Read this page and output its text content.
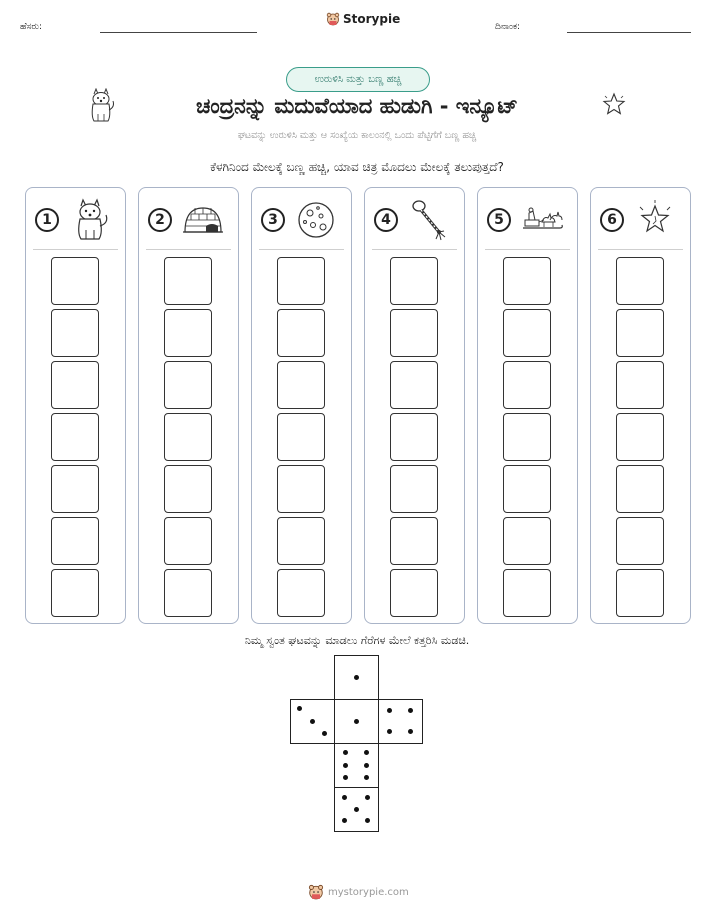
ಹೆಸರು:
Storypie
ದಿನಾಂಕ:
ಉರುಳಿಸಿ ಮತ್ತು ಬಣ್ಣ ಹಚ್ಚಿ
ಚಂದ್ರನನ್ನು ಮದುವೆಯಾದ ಹುಡುಗಿ - ಇನ್ಯೂಟ್
ಘಟವನ್ನು ಉರುಳಿಸಿ ಮತ್ತು ಆ ಸಂಖ್ಯೆಯ ಕಾಲಂನಲ್ಲಿ ಒಂದು ಪೆಟ್ಟಿಗೆಗೆ ಬಣ್ಣ ಹಚ್ಚಿ
ಕೆಳಗಿನಿಂದ ಮೇಲಕ್ಕೆ ಬಣ್ಣ ಹಚ್ಚಿ, ಯಾವ ಚಿತ್ರ ಮೊದಲು ಮೇಲಕ್ಕೆ ತಲುಪುತ್ತದೆ?
1	2	3	4	5	6
ನಿಮ್ಮ ಸ್ವಂತ ಘಟವನ್ನು ಮಾಡಲು ಗೆರೆಗಳ ಮೇಲೆ ಕತ್ತರಿಸಿ ಮಡಚಿ.
mystorypie.com
